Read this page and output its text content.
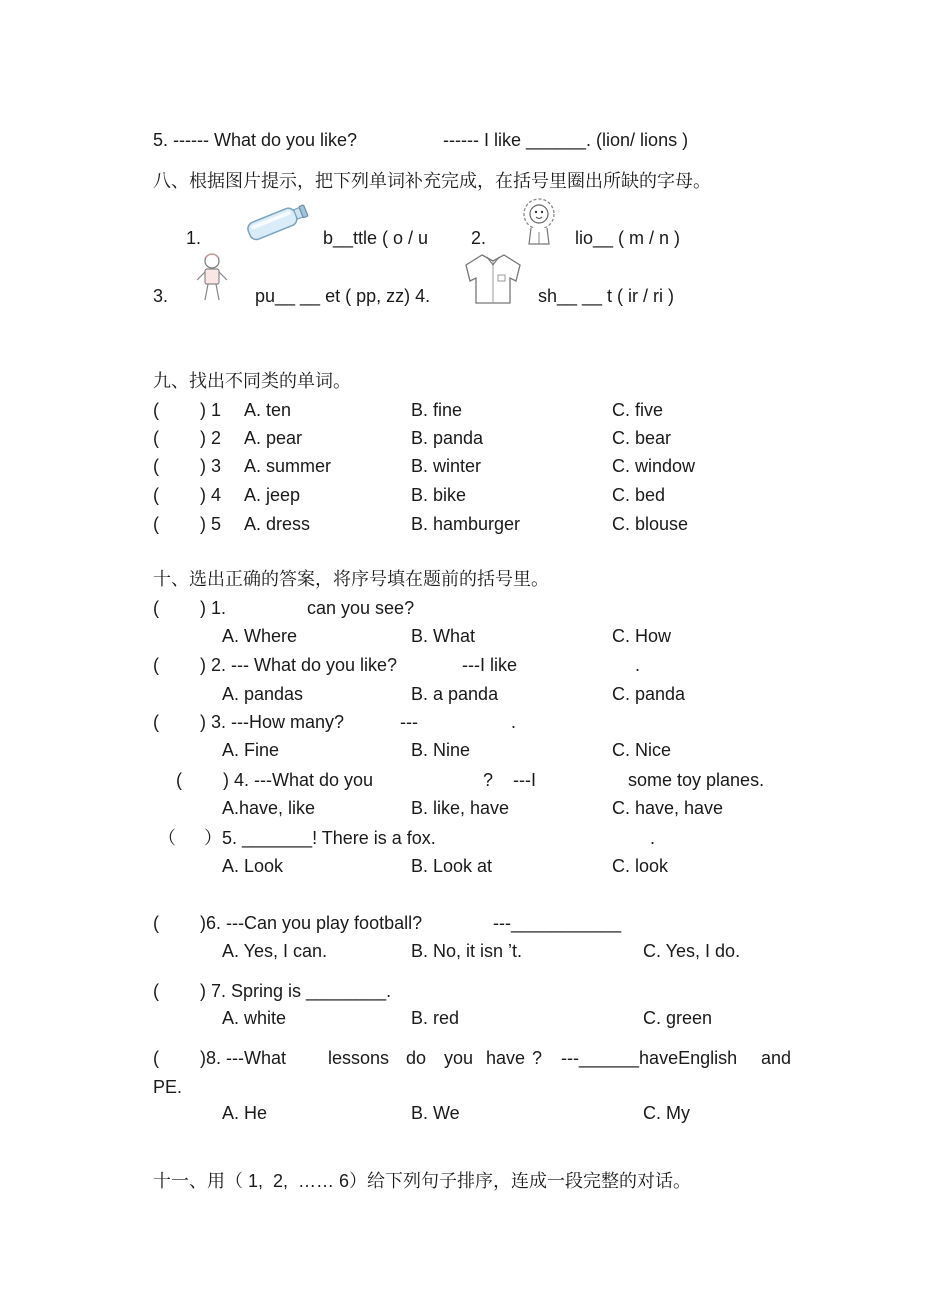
5. ------ What do you like?	------ I like ______. (lion/ lions )
八、根据图片提示，把下列单词补充完成，在括号里圈出所缺的字母。
1.	b__ttle ( o / u 2.	lio__ ( m / n )
3.	pu__ __ et ( pp, zz) 4.	sh__ __ t ( ir / ri )
九、找出不同类的单词。
( ) 1 A. ten	B. fine	C. five
( ) 2 A. pear	B. panda	C. bear
( ) 3 A. summer	B. winter	C. window
( ) 4 A. jeep	B. bike	C. bed
( ) 5 A. dress	B. hamburger	C. blouse
十、选出正确的答案，将序号填在题前的括号里。
( ) 1.	can you see?
A. Where	B. What	C. How
( ) 2. --- What do you like?	---I like	.
A. pandas	B. a panda	C. panda
( ) 3. ---How many?	---	.
A. Fine	B. Nine	C. Nice
( ) 4. ---What do you	? ---I	some toy planes.
A.have, like	B. like, have	C. have, have
（ ）5. _______! There is a fox.	.
A. Look	B. Look at	C. look
( )6. ---Can you play football?	---___________
A. Yes, I can.	B. No, it isn ’t.	C. Yes, I do.
( ) 7. Spring is ________.
A. white	B. red	C. green
( )8. ---What lessons do you have ? ---______haveEnglish and
PE.
A. He	B. We	C. My
十一、用（ 1,  2,  …… 6）给下列句子排序，连成一段完整的对话。
